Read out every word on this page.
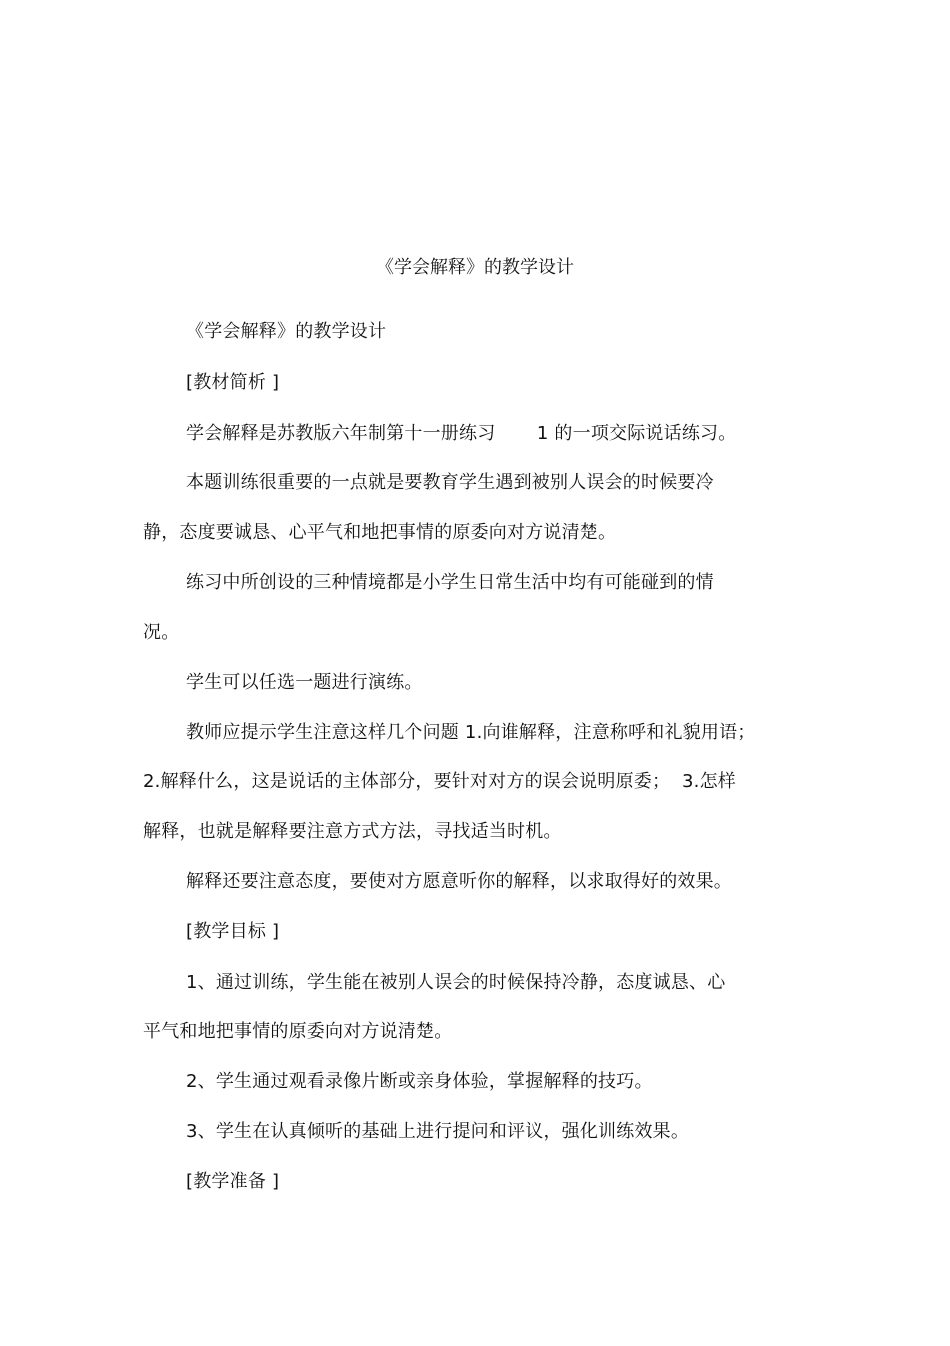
《学会解释》的教学设计
《学会解释》的教学设计
[教材简析 ]
学会解释是苏教版六年制第十一册练习       1 的一项交际说话练习。
本题训练很重要的一点就是要教育学生遇到被别人误会的时候要冷
静，态度要诚恳、心平气和地把事情的原委向对方说清楚。
练习中所创设的三种情境都是小学生日常生活中均有可能碰到的情
况。
学生可以任选一题进行演练。
教师应提示学生注意这样几个问题 1.向谁解释，注意称呼和礼貌用语；
2.解释什么，这是说话的主体部分，要针对对方的误会说明原委；  3.怎样
解释，也就是解释要注意方式方法，寻找适当时机。
解释还要注意态度，要使对方愿意听你的解释，以求取得好的效果。
[教学目标 ]
1、通过训练，学生能在被别人误会的时候保持冷静，态度诚恳、心
平气和地把事情的原委向对方说清楚。
2、学生通过观看录像片断或亲身体验，掌握解释的技巧。
3、学生在认真倾听的基础上进行提问和评议，强化训练效果。
[教学准备 ]
